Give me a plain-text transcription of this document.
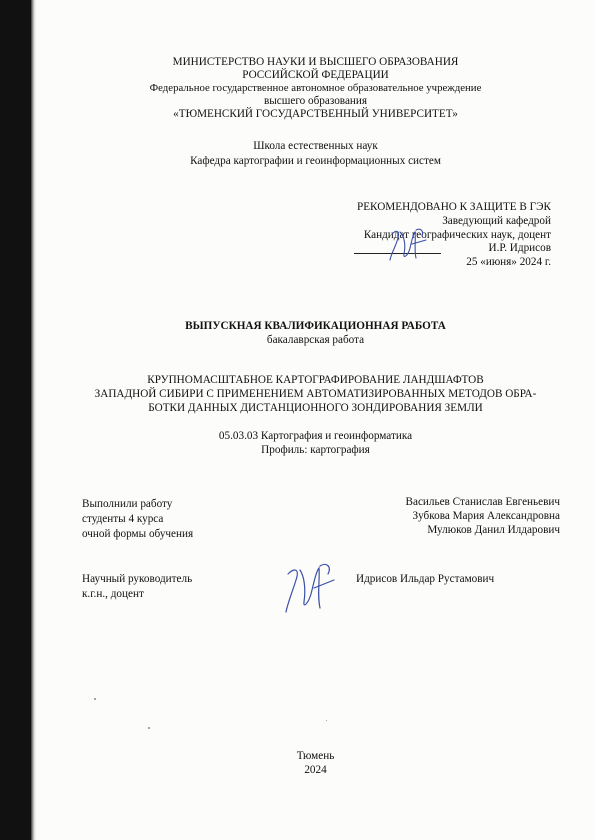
МИНИСТЕРСТВО НАУКИ И ВЫСШЕГО ОБРАЗОВАНИЯ
РОССИЙСКОЙ ФЕДЕРАЦИИ
Федеральное государственное автономное образовательное учреждение
высшего образования
«ТЮМЕНСКИЙ ГОСУДАРСТВЕННЫЙ УНИВЕРСИТЕТ»
Школа естественных наук
Кафедра картографии и геоинформационных систем
РЕКОМЕНДОВАНО К ЗАЩИТЕ В ГЭК
Заведующий кафедрой
Кандидат географических наук, доцент
И.Р. Идрисов
25 «июня» 2024 г.
ВЫПУСКНАЯ КВАЛИФИКАЦИОННАЯ РАБОТА
бакалаврская работа
КРУПНОМАСШТАБНОЕ КАРТОГРАФИРОВАНИЕ ЛАНДШАФТОВ
ЗАПАДНОЙ СИБИРИ С ПРИМЕНЕНИЕМ АВТОМАТИЗИРОВАННЫХ МЕТОДОВ ОБРА-
БОТКИ ДАННЫХ ДИСТАНЦИОННОГО ЗОНДИРОВАНИЯ ЗЕМЛИ
05.03.03 Картография и геоинформатика
Профиль: картография
Выполнили работу
студенты 4 курса
очной формы обучения
Васильев Станислав Евгеньевич
Зубкова Мария Александровна
Мулюков Данил Илдарович
Научный руководитель
к.г.н., доцент
Идрисов Ильдар Рустамович
Тюмень
2024
